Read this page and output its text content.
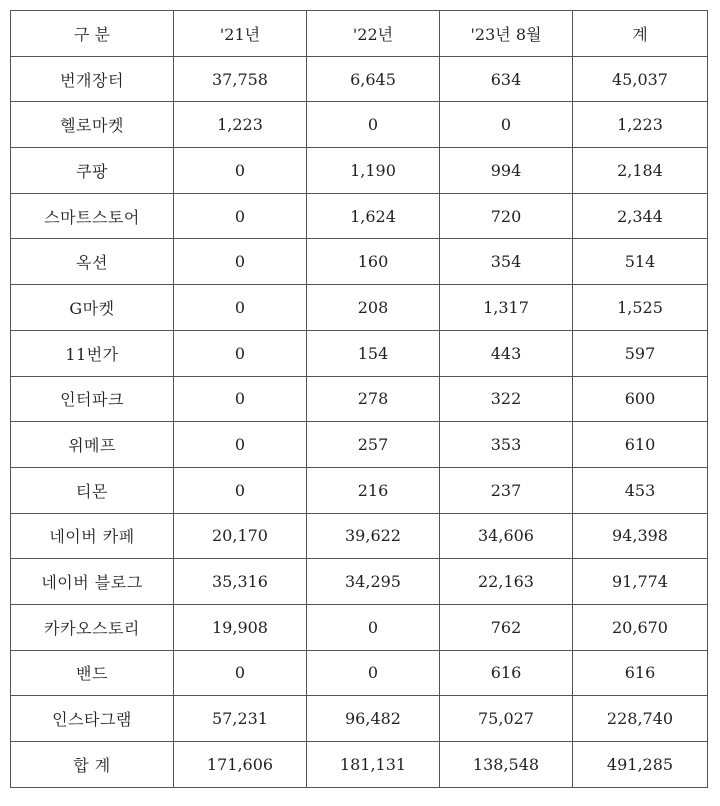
구 분	'21년	'22년	'23년 8월	계
번개장터	37,758	6,645	634	45,037
헬로마켓	1,223	0	0	1,223
쿠팡	0	1,190	994	2,184
스마트스토어	0	1,624	720	2,344
옥션	0	160	354	514
G마켓	0	208	1,317	1,525
11번가	0	154	443	597
인터파크	0	278	322	600
위메프	0	257	353	610
티몬	0	216	237	453
네이버 카페	20,170	39,622	34,606	94,398
네이버 블로그	35,316	34,295	22,163	91,774
카카오스토리	19,908	0	762	20,670
밴드	0	0	616	616
인스타그램	57,231	96,482	75,027	228,740
합 계	171,606	181,131	138,548	491,285
